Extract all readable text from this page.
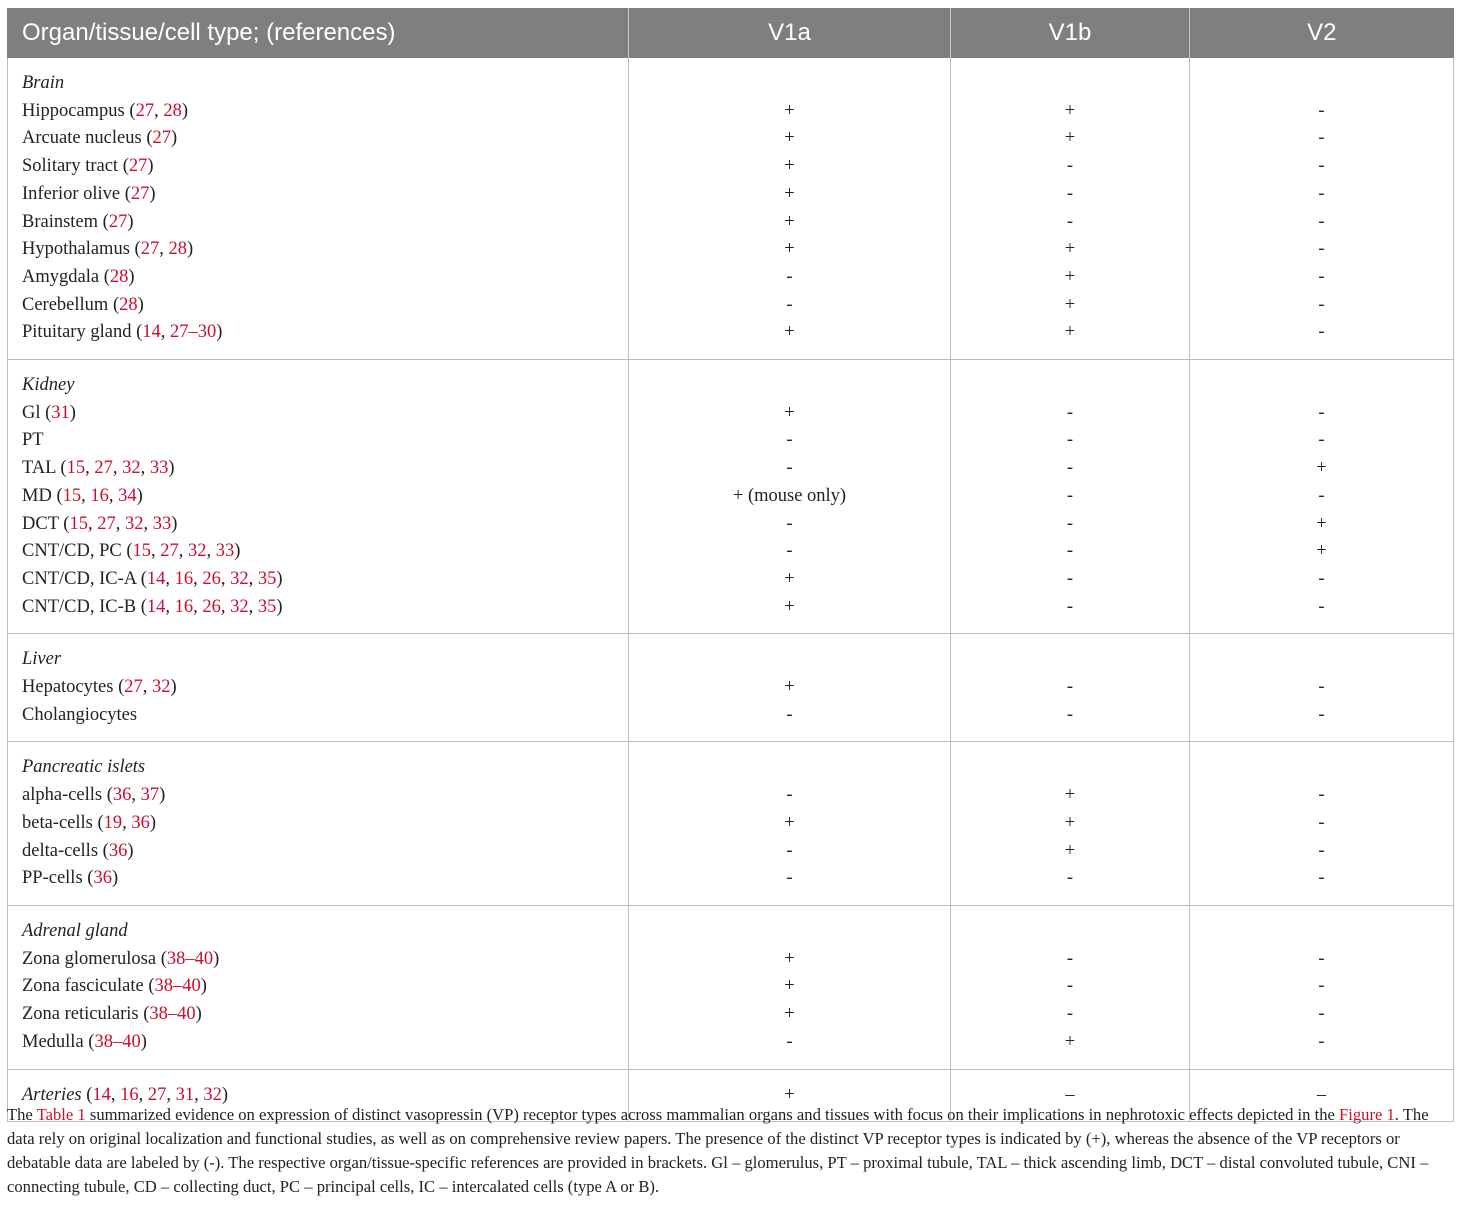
Organ/tissue/cell type; (references)	V1a	V1b	V2
Brain			
Hippocampus (27, 28)	+	+	-
Arcuate nucleus (27)	+	+	-
Solitary tract (27)	+	-	-
Inferior olive (27)	+	-	-
Brainstem (27)	+	-	-
Hypothalamus (27, 28)	+	+	-
Amygdala (28)	-	+	-
Cerebellum (28)	-	+	-
Pituitary gland (14, 27–30)	+	+	-
Kidney			
Gl (31)	+	-	-
PT	-	-	-
TAL (15, 27, 32, 33)	-	-	+
MD (15, 16, 34)	+ (mouse only)	-	-
DCT (15, 27, 32, 33)	-	-	+
CNT/CD, PC (15, 27, 32, 33)	-	-	+
CNT/CD, IC-A (14, 16, 26, 32, 35)	+	-	-
CNT/CD, IC-B (14, 16, 26, 32, 35)	+	-	-
Liver			
Hepatocytes (27, 32)	+	-	-
Cholangiocytes	-	-	-
Pancreatic islets			
alpha-cells (36, 37)	-	+	-
beta-cells (19, 36)	+	+	-
delta-cells (36)	-	+	-
PP-cells (36)	-	-	-
Adrenal gland			
Zona glomerulosa (38–40)	+	-	-
Zona fasciculate (38–40)	+	-	-
Zona reticularis (38–40)	+	-	-
Medulla (38–40)	-	+	-
Arteries (14, 16, 27, 31, 32)	+	–	–
The Table 1 summarized evidence on expression of distinct vasopressin (VP) receptor types across mammalian organs and tissues with focus on their implications in nephrotoxic effects depicted in the Figure 1. The data rely on original localization and functional studies, as well as on comprehensive review papers. The presence of the distinct VP receptor types is indicated by (+), whereas the absence of the VP receptors or debatable data are labeled by (-). The respective organ/tissue-specific references are provided in brackets. Gl – glomerulus, PT – proximal tubule, TAL – thick ascending limb, DCT – distal convoluted tubule, CNI – connecting tubule, CD – collecting duct, PC – principal cells, IC – intercalated cells (type A or B).
